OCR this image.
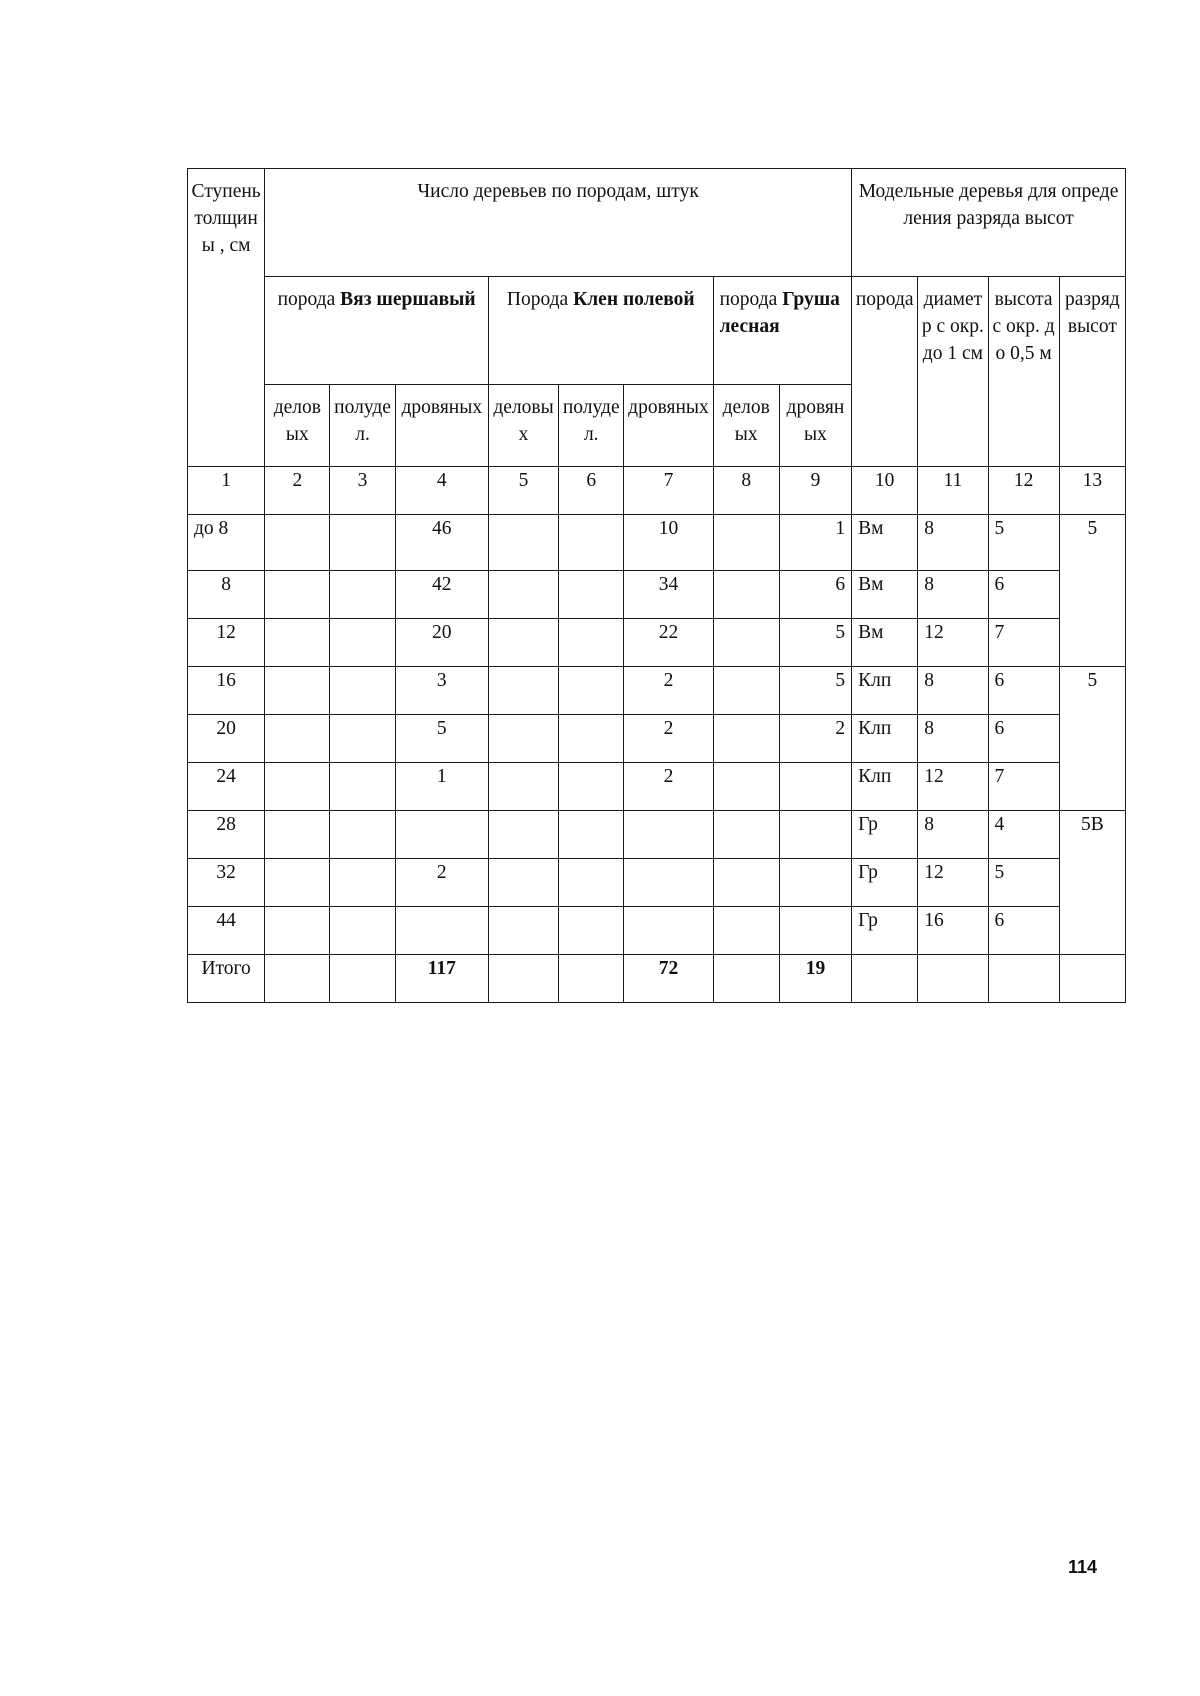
Ступень толщины , см	Число деревьев по породам, штук								Модельные деревья для определения разряда высот			
	порода Вяз шершавый			Порода Клен полевой			порода Груша лесная		порода	диаметр с окр. до 1 см	высота с окр. до 0,5 м	разряд высот
	деловых	полудел.	дровяных	деловых	полудел.	дровяных	деловых	дровяных				
1	2	3	4	5	6	7	8	9	10	11	12	13
до 8			46			10		1	Вм	8	5	5
8			42			34		6	Вм	8	6	
12			20			22		5	Вм	12	7	
16			3			2		5	Клп	8	6	5
20			5			2		2	Клп	8	6	
24			1			2			Клп	12	7	
28									Гр	8	4	5В
32			2						Гр	12	5	
44									Гр	16	6	
Итого			117			72		19				
114
